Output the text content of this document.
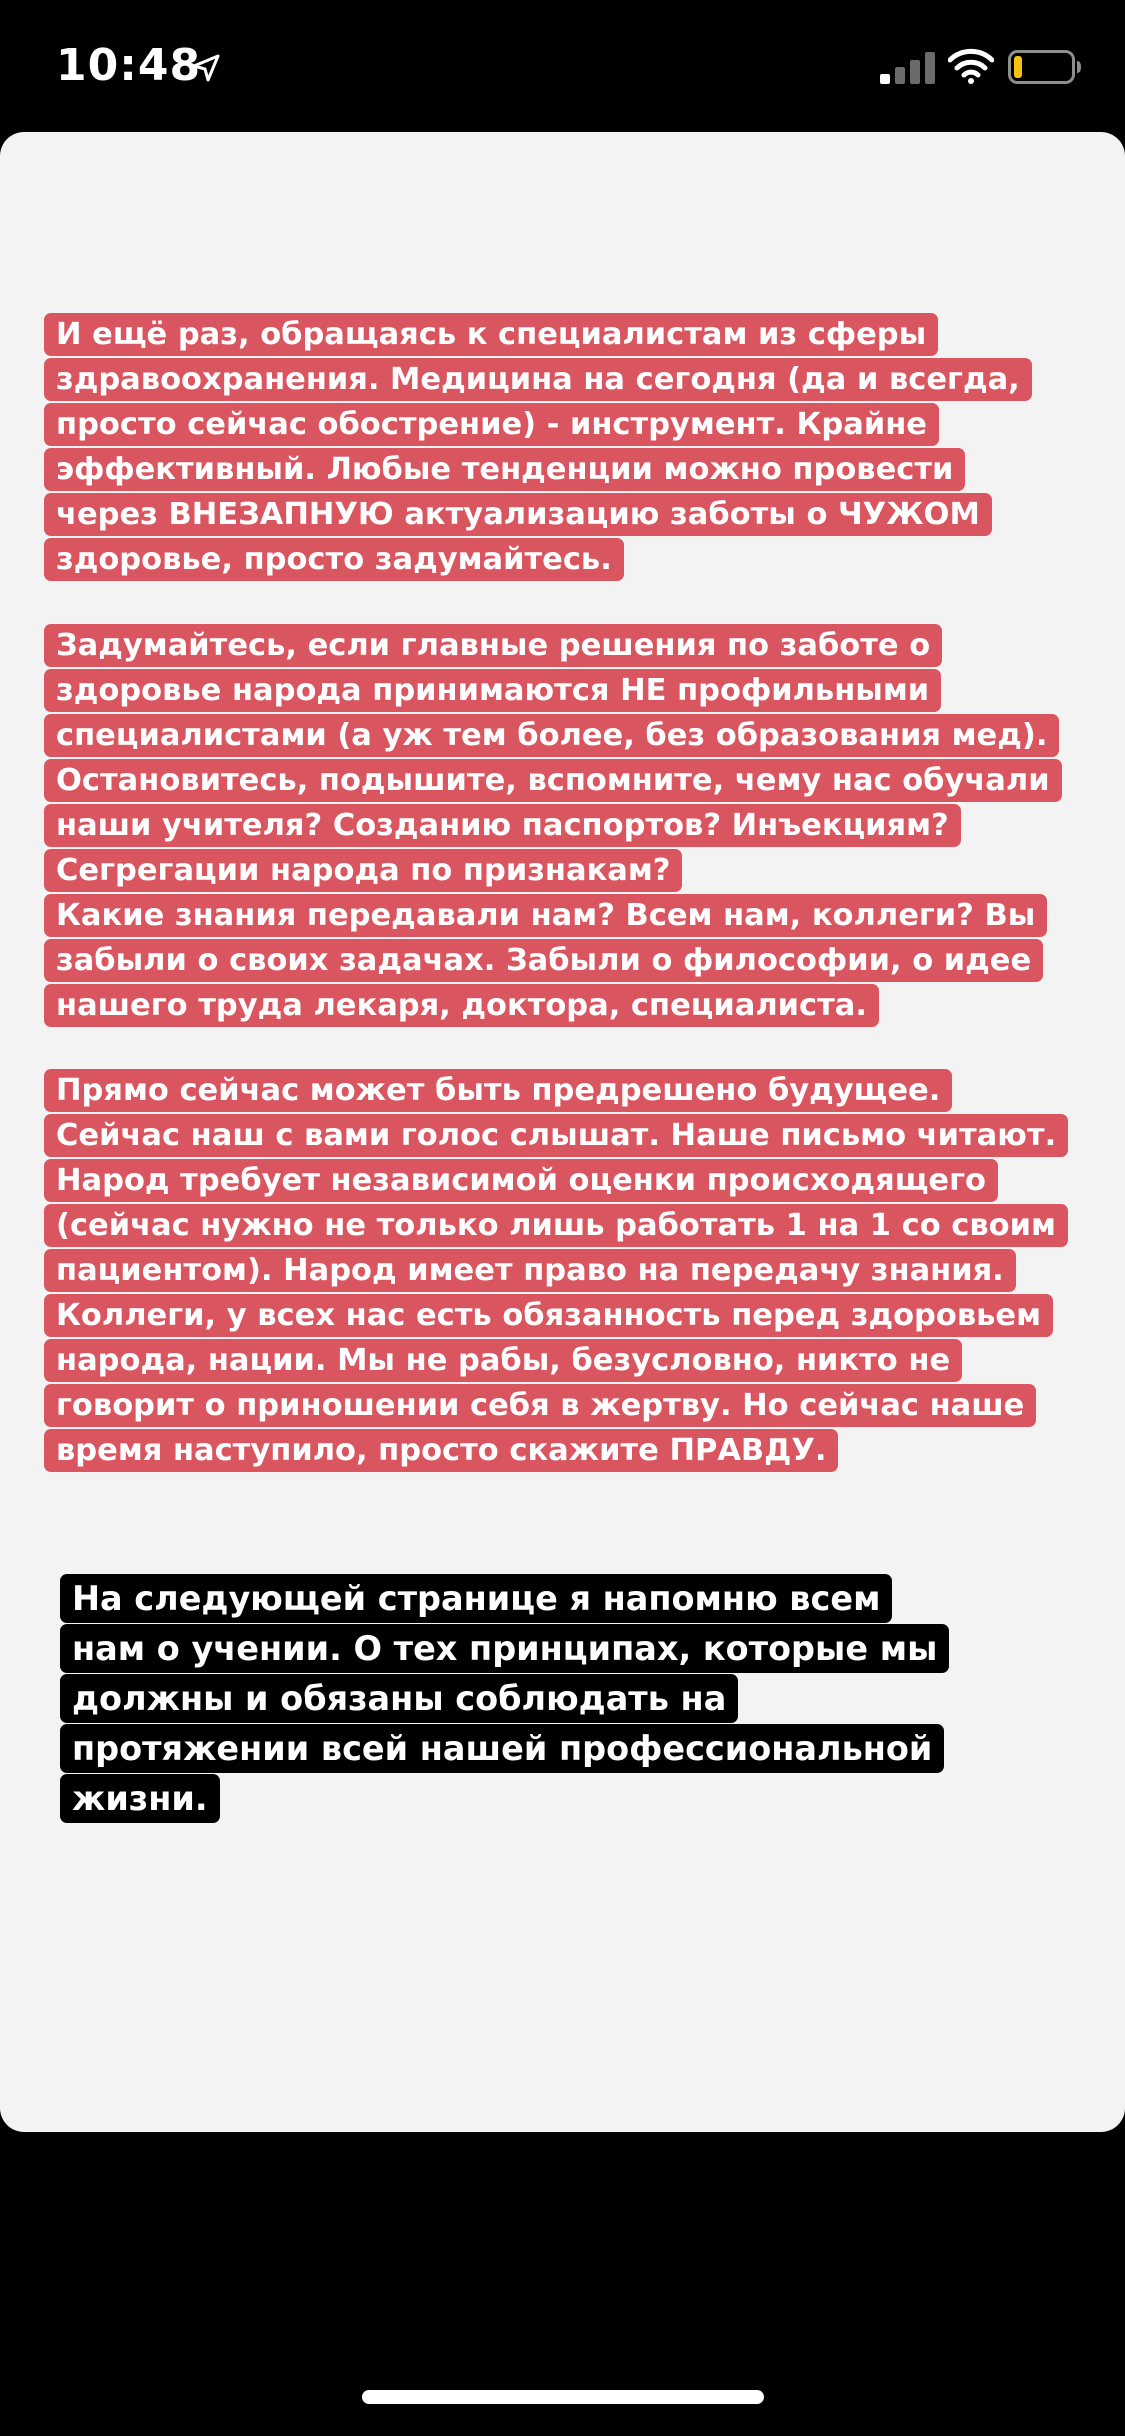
10:48

И ещё раз, обращаясь к специалистам из сферы
здравоохранения. Медицина на сегодня (да и всегда,
просто сейчас обострение) - инструмент. Крайне
эффективный. Любые тенденции можно провести
через ВНЕЗАПНУЮ актуализацию заботы о ЧУЖОМ
здоровье, просто задумайтесь.

Задумайтесь, если главные решения по заботе о
здоровье народа принимаются НЕ профильными
специалистами (а уж тем более, без образования мед).
Остановитесь, подышите, вспомните, чему нас обучали
наши учителя? Созданию паспортов? Инъекциям?
Сегрегации народа по признакам?
Какие знания передавали нам? Всем нам, коллеги? Вы
забыли о своих задачах. Забыли о философии, о идее
нашего труда лекаря, доктора, специалиста.

Прямо сейчас может быть предрешено будущее.
Сейчас наш с вами голос слышат. Наше письмо читают.
Народ требует независимой оценки происходящего
(сейчас нужно не только лишь работать 1 на 1 со своим
пациентом). Народ имеет право на передачу знания.
Коллеги, у всех нас есть обязанность перед здоровьем
народа, нации. Мы не рабы, безусловно, никто не
говорит о приношении себя в жертву. Но сейчас наше
время наступило, просто скажите ПРАВДУ.

На следующей странице я напомню всем
нам о учении. О тех принципах, которые мы
должны и обязаны соблюдать на
протяжении всей нашей профессиональной
жизни.
